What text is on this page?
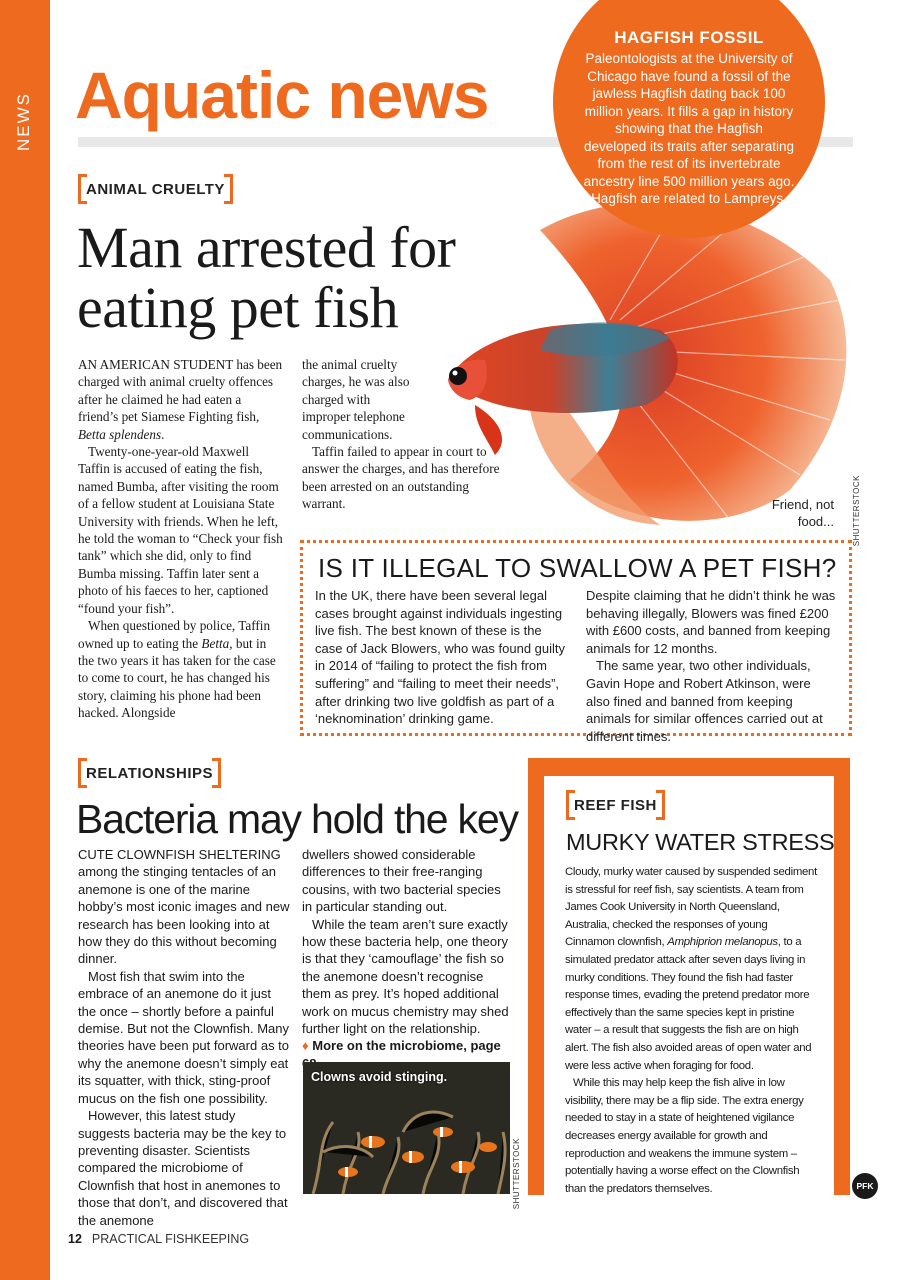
NEWS Aquatic news
HAGFISH FOSSIL

Paleontologists at the University of Chicago have found a fossil of the jawless Hagfish dating back 100 million years. It fills a gap in history showing that the Hagfish developed its traits after separating from the rest of its invertebrate ancestry line 500 million years ago. Hagfish are related to Lampreys.

ANIMAL CRUELTY
Man arrested for
eating pet fish

AN AMERICAN STUDENT has been charged with animal cruelty offences after he claimed he had eaten a friend’s pet Siamese Fighting fish, Betta splendens.

Twenty-one-year-old Maxwell Taffin is accused of eating the fish, named Bumba, after visiting the room of a fellow student at Louisiana State University with friends. When he left, he told the woman to “Check your fish tank” which she did, only to find Bumba missing. Taffin later sent a photo of his faeces to her, captioned “found your fish”.

When questioned by police, Taffin owned up to eating the Betta, but in the two years it has taken for the case to come to court, he has changed his story, claiming his phone had been hacked. Alongside

the animal cruelty charges, he was also charged with improper telephone communications.

Taffin failed to appear in court to answer the charges, and has therefore been arrested on an outstanding warrant.	Friend, not food... SHUTTERSTOCK
IS IT ILLEGAL TO SWALLOW A PET FISH?

In the UK, there have been several legal cases brought against individuals ingesting live fish. The best known of these is the case of Jack Blowers, who was found guilty in 2014 of “failing to protect the fish from suffering” and “failing to meet their needs”, after drinking two live goldfish as part of a ‘neknomination’ drinking game.

Despite claiming that he didn’t think he was behaving illegally, Blowers was fined £200 with £600 costs, and banned from keeping animals for 12 months.

The same year, two other individuals, Gavin Hope and Robert Atkinson, were also fined and banned from keeping animals for similar offences carried out at different times.

RELATIONSHIPS
Bacteria may hold the key

CUTE CLOWNFISH SHELTERING among the stinging tentacles of an anemone is one of the marine hobby’s most iconic images and new research has been looking into at how they do this without becoming dinner.

Most fish that swim into the embrace of an anemone do it just the once – shortly before a painful demise. But not the Clownfish. Many theories have been put forward as to why the anemone doesn’t simply eat its squatter, with thick, sting-proof mucus on the fish one possibility.

However, this latest study suggests bacteria may be the key to preventing disaster. Scientists compared the microbiome of Clownfish that host in anemones to those that don’t, and discovered that the anemone

dwellers showed considerable differences to their free-ranging cousins, with two bacterial species in particular standing out.

While the team aren’t sure exactly how these bacteria help, one theory is that they ‘camouflage’ the fish so the anemone doesn’t recognise them as prey. It’s hoped additional work on mucus chemistry may shed further light on the relationship.

♦ More on the microbiome, page

Clowns avoid stinging.
SHUTTERSTOCK
REEF FISH
MURKY WATER STRESS

Cloudy, murky water caused by suspended sediment is stressful for reef fish, say scientists. A team from James Cook University in North Queensland, Australia, checked the responses of young Cinnamon clownfish, Amphiprion melanopus, to a simulated predator attack after seven days living in murky conditions. They found the fish had faster response times, evading the pretend predator more effectively than the same species kept in pristine water – a result that suggests the fish are on high alert. The fish also avoided areas of open water and were less active when foraging for food.

While this may help keep the fish alive in low visibility, there may be a flip side. The extra energy needed to stay in a state of heightened vigilance decreases energy available for growth and reproduction and weakens the immune system – potentially having a worse effect on the Clownfish than the predators themselves.	PFK
12 PRACTICAL FISHKEEPING
